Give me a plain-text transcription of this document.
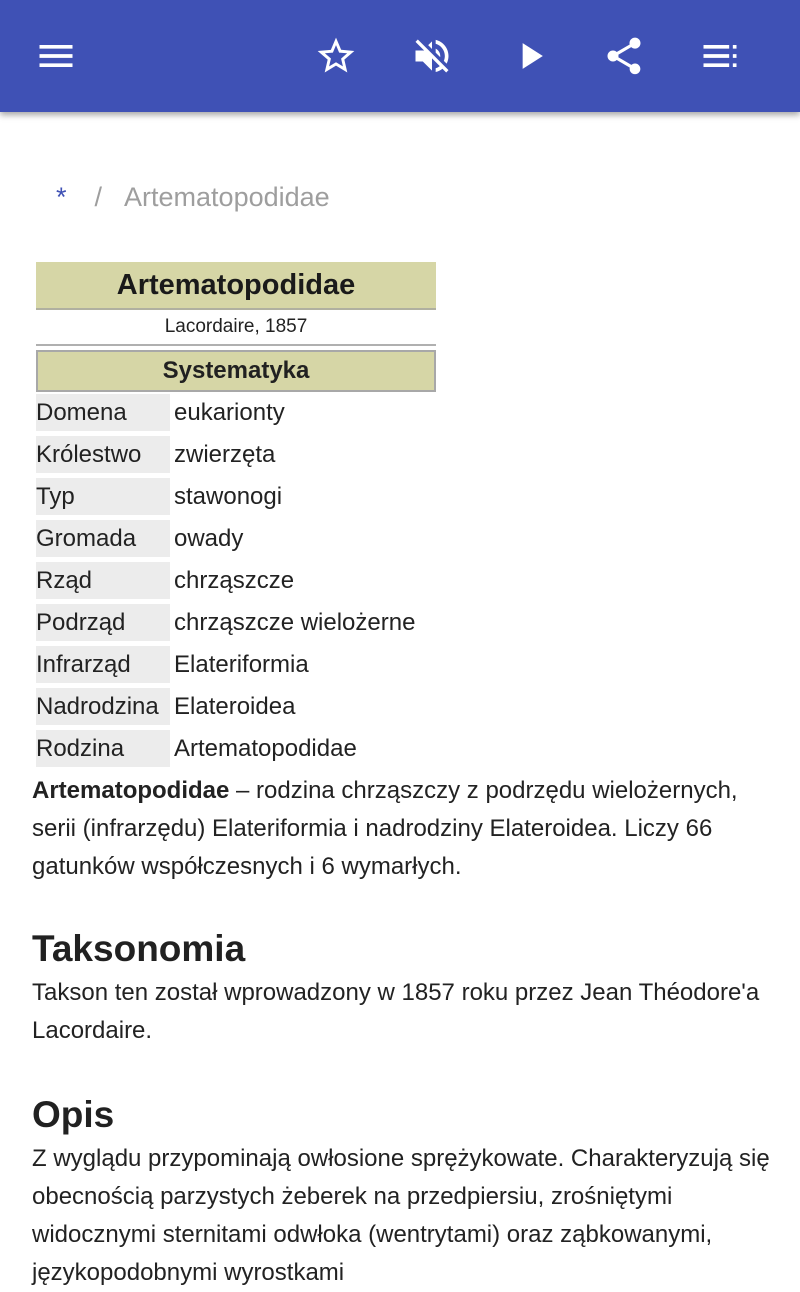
* / Artematopodidae
Artematopodidae
Lacordaire, 1857
Systematyka
Domena	eukarionty
Królestwo	zwierzęta
Typ	stawonogi
Gromada	owady
Rząd	chrząszcze
Podrząd	chrząszcze wielożerne
Infrarząd	Elateriformia
Nadrodzina Elateroidea
Rodzina	Artematopodidae

Artematopodidae – rodzina chrząszczy z podrzędu wielożernych, serii (infrarzędu) Elateriformia i nadrodziny Elateroidea. Liczy 66 gatunków współczesnych i 6 wymarłych.

Taksonomia

Takson ten został wprowadzony w 1857 roku przez Jean Théodore'a Lacordaire.

Opis

Z wyglądu przypominają owłosione sprężykowate. Charakteryzują się obecnością parzystych żeberek na przedpiersiu, zrośniętymi widocznymi sternitami odwłoka (wentrytami) oraz ząbkowanymi, językopodobnymi wyrostkami
